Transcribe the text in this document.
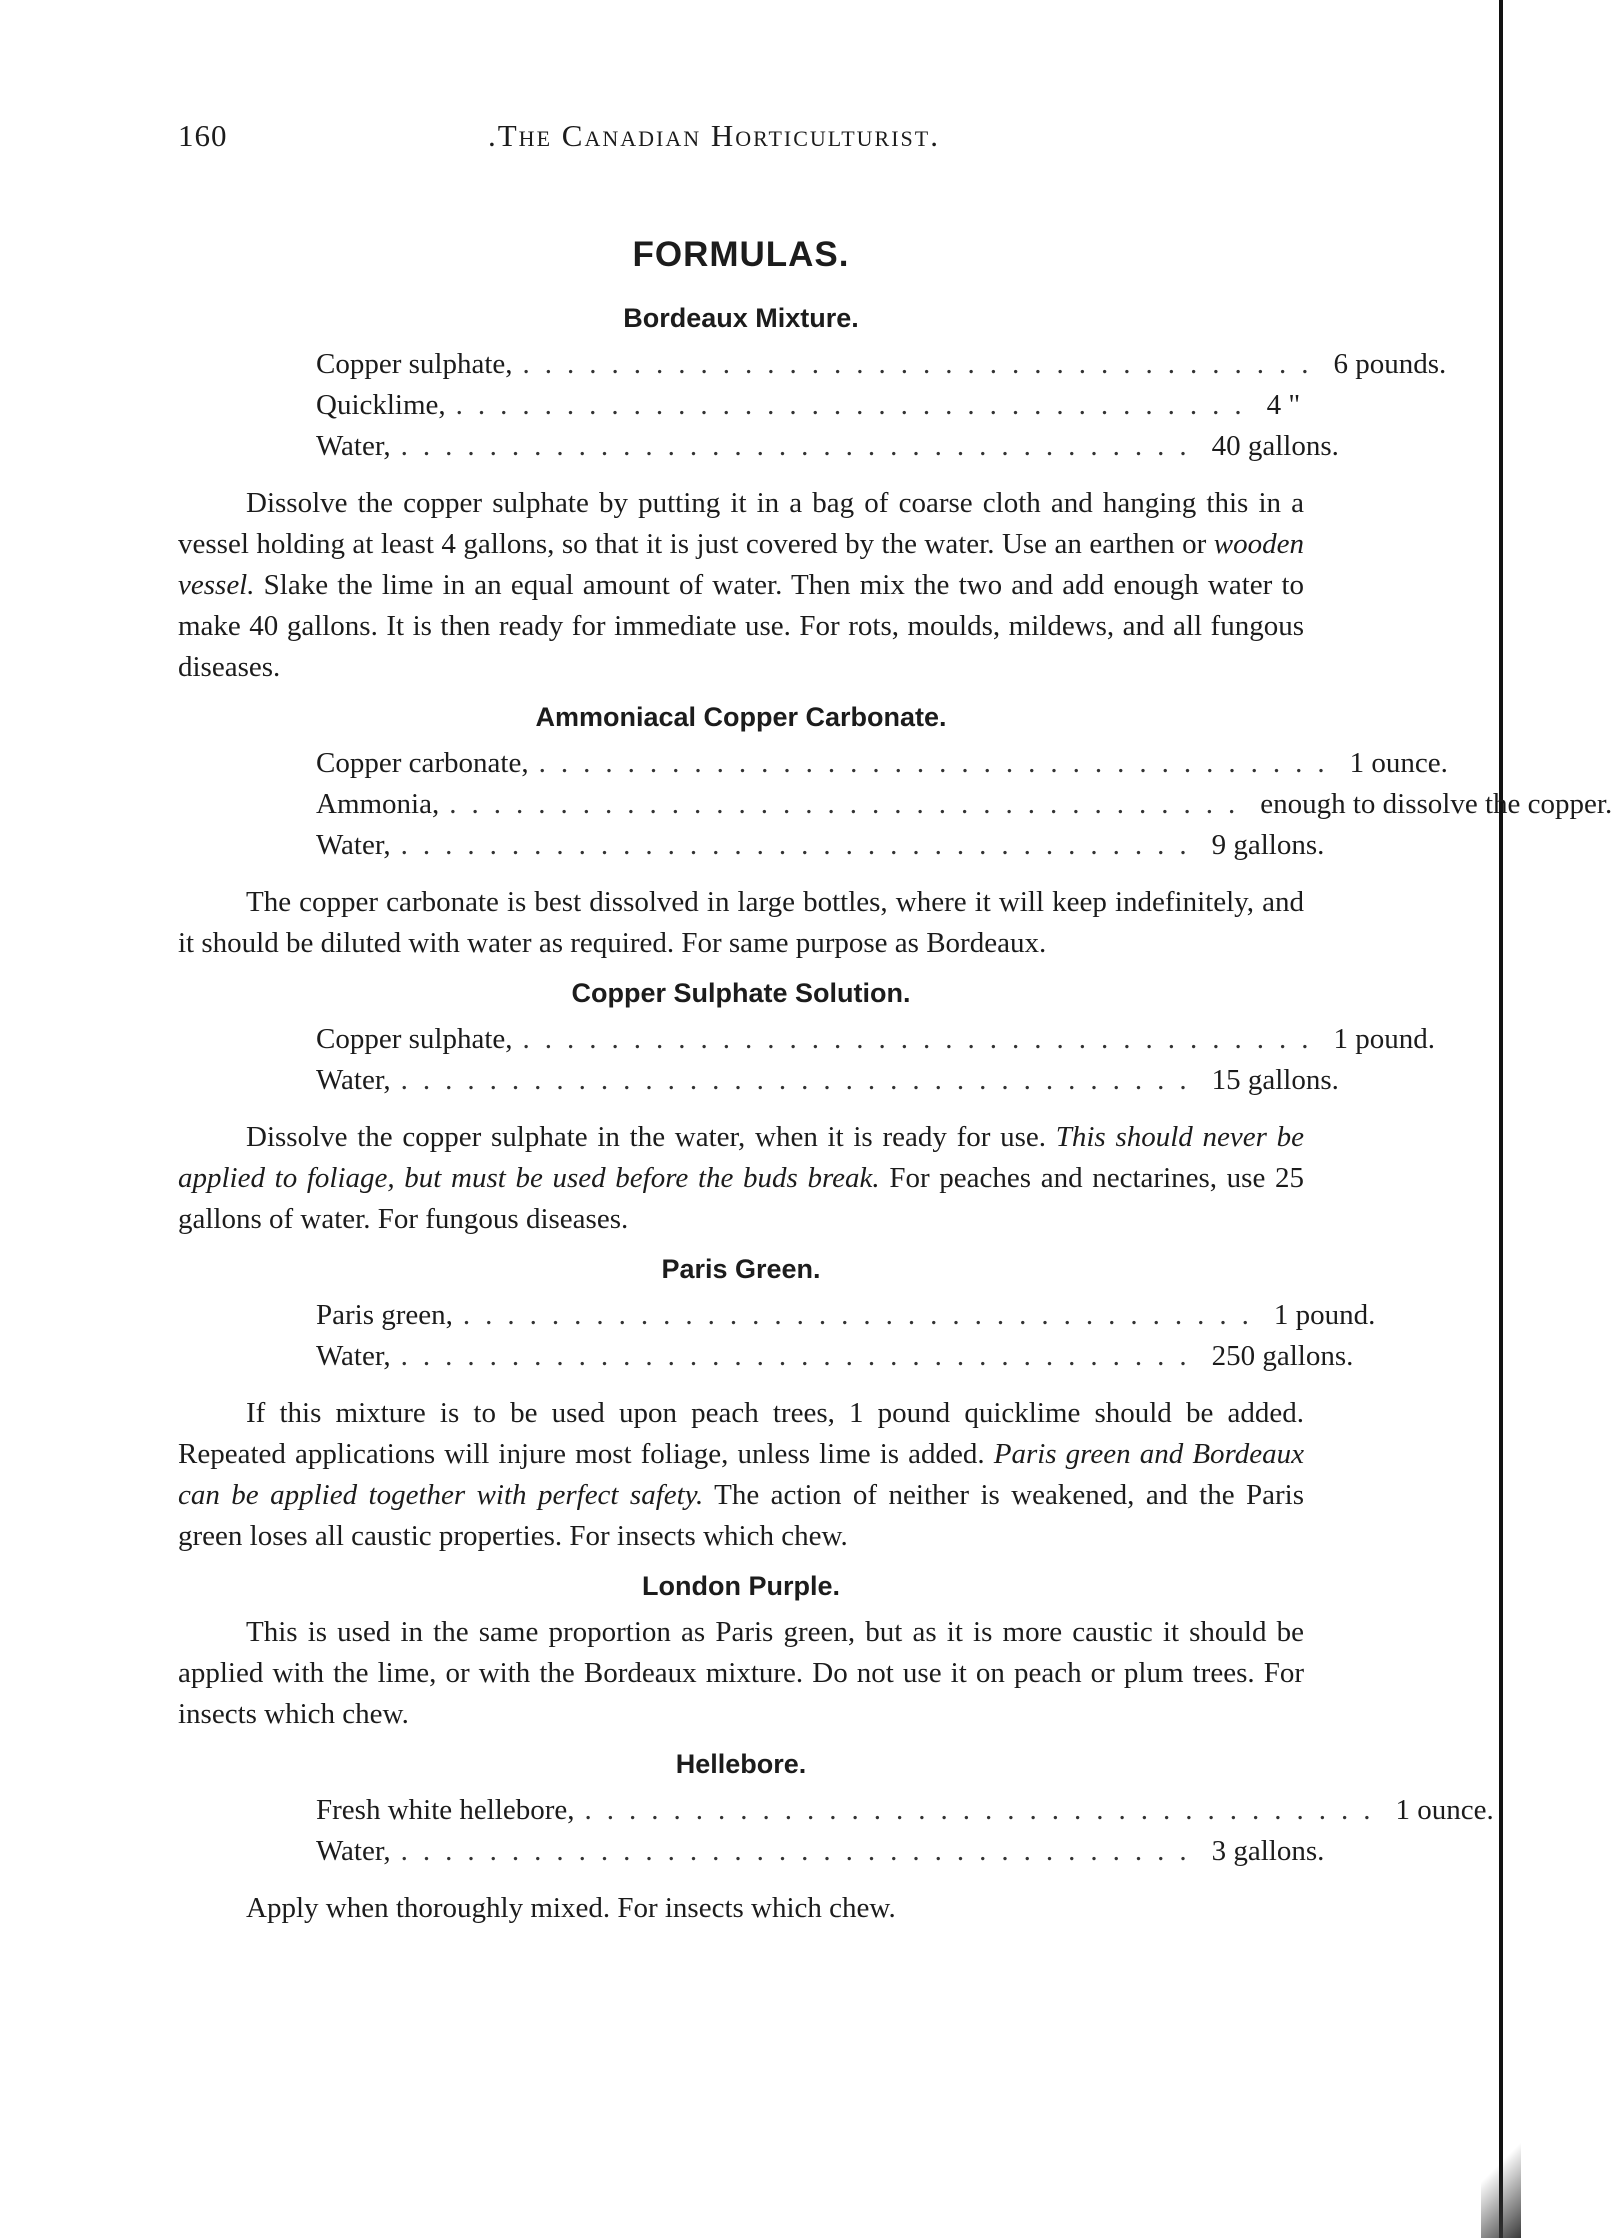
160	.The Canadian Horticulturist.
FORMULAS.
Bordeaux Mixture.
Copper sulphate, .................................... 6 pounds.
Quicklime, .................................... 4 "
Water, .................................... 40 gallons.

Dissolve the copper sulphate by putting it in a bag of coarse cloth and hanging this in a vessel holding at least 4 gallons, so that it is just covered by the water. Use an earthen or wooden vessel. Slake the lime in an equal amount of water. Then mix the two and add enough water to make 40 gallons. It is then ready for immediate use. For rots, moulds, mildews, and all fungous diseases.

Ammoniacal Copper Carbonate.
Copper carbonate, .................................... 1 ounce.
Ammonia, .................................... enough to dissolve the copper.
Water, .................................... 9 gallons.

The copper carbonate is best dissolved in large bottles, where it will keep indefinitely, and it should be diluted with water as required. For same purpose as Bordeaux.

Copper Sulphate Solution.
Copper sulphate, .................................... 1 pound.
Water, .................................... 15 gallons.

Dissolve the copper sulphate in the water, when it is ready for use. This should never be applied to foliage, but must be used before the buds break. For peaches and nectarines, use 25 gallons of water. For fungous diseases.

Paris Green.
Paris green, .................................... 1 pound.
Water, .................................... 250 gallons.

If this mixture is to be used upon peach trees, 1 pound quicklime should be added. Repeated applications will injure most foliage, unless lime is added. Paris green and Bordeaux can be applied together with perfect safety. The action of neither is weakened, and the Paris green loses all caustic properties. For insects which chew.

London Purple.

This is used in the same proportion as Paris green, but as it is more caustic it should be applied with the lime, or with the Bordeaux mixture. Do not use it on peach or plum trees. For insects which chew.

Hellebore.
Fresh white hellebore, .................................... 1 ounce.
Water, .................................... 3 gallons.

Apply when thoroughly mixed. For insects which chew.
